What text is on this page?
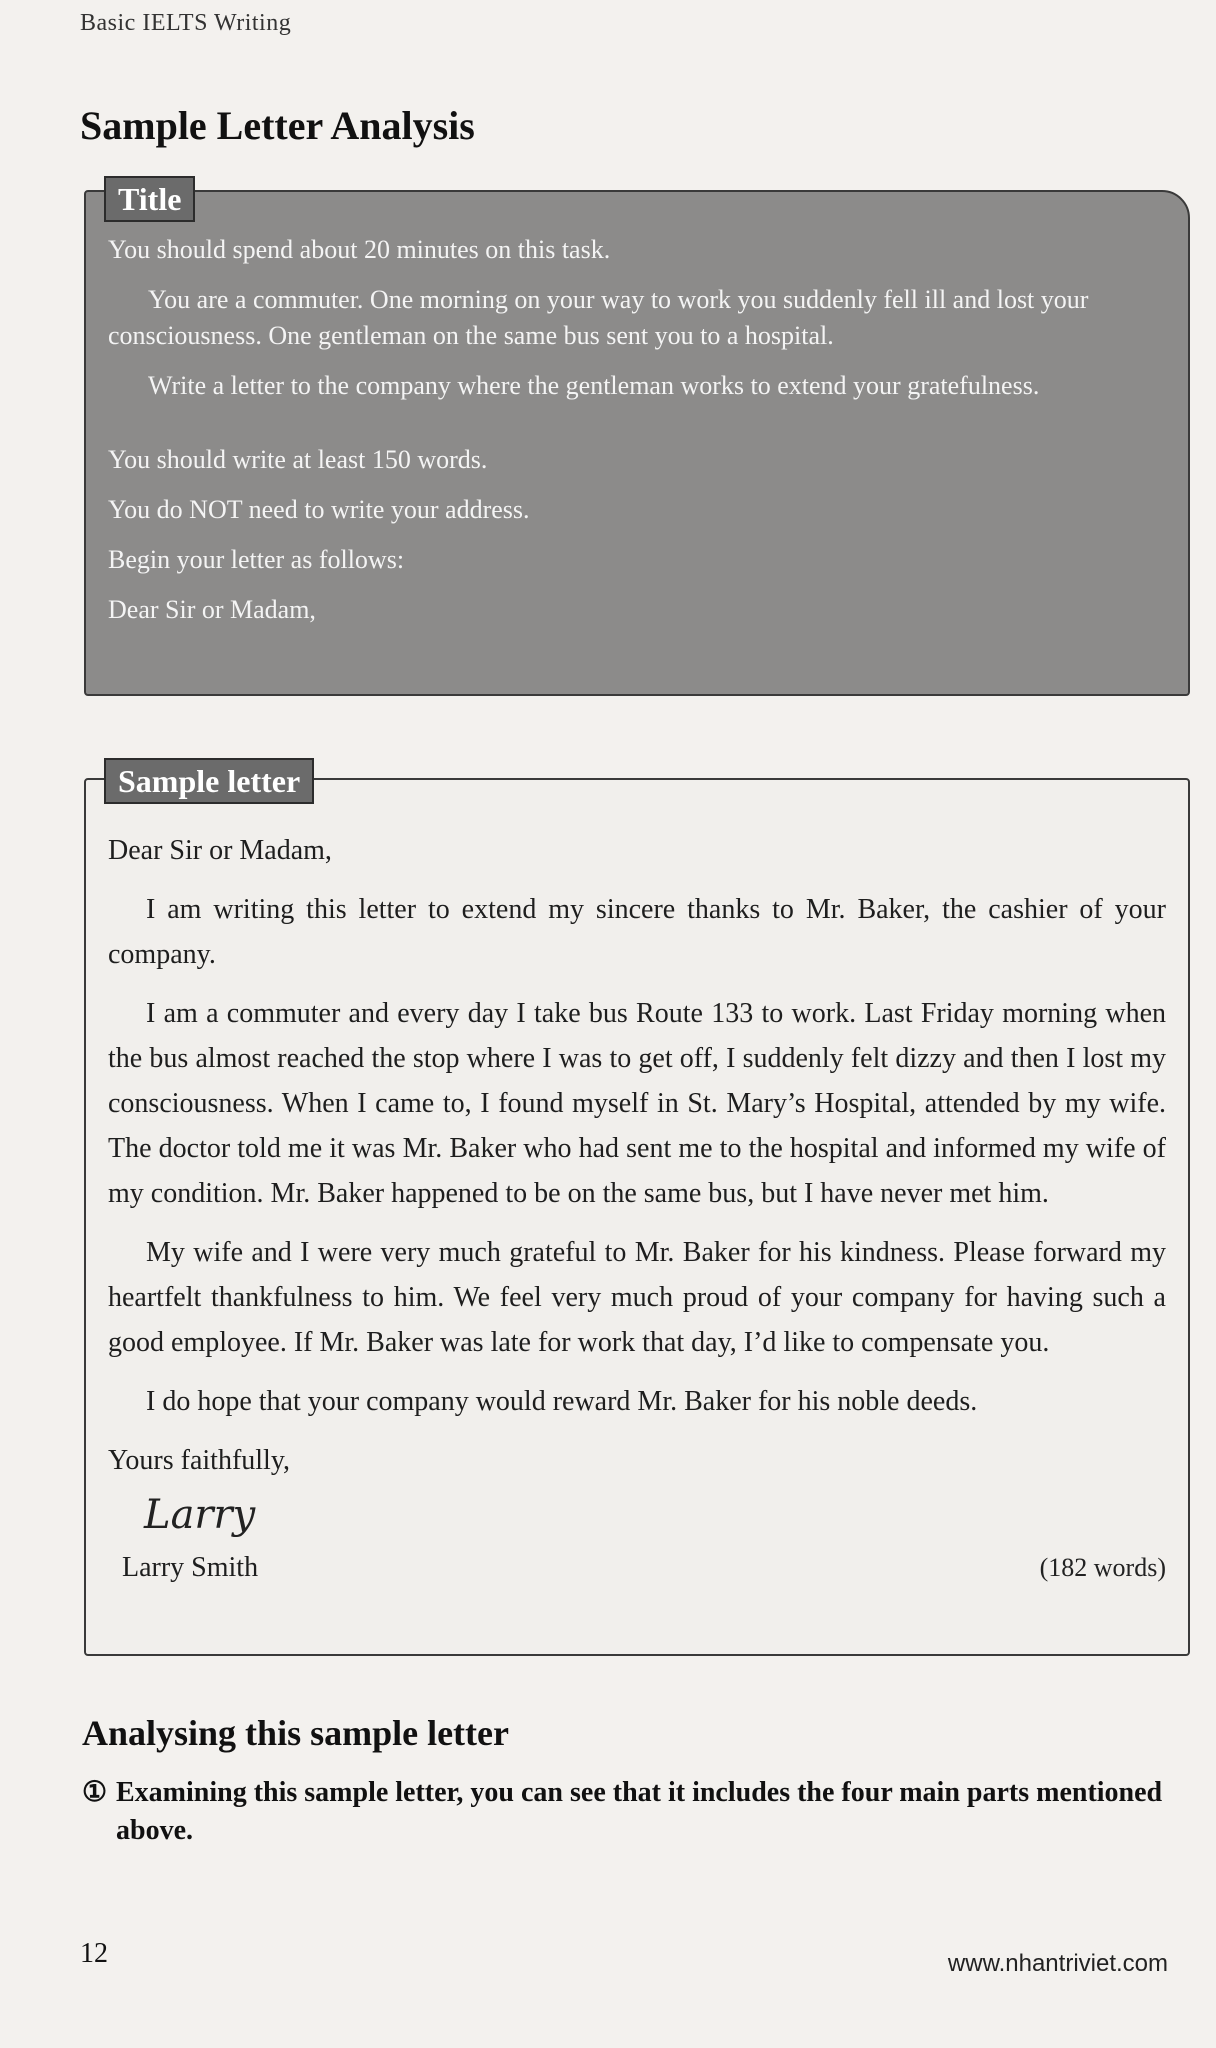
Basic IELTS Writing
Sample Letter Analysis
Title

You should spend about 20 minutes on this task.

You are a commuter. One morning on your way to work you suddenly fell ill and lost your consciousness. One gentleman on the same bus sent you to a hospital.

Write a letter to the company where the gentleman works to extend your gratefulness.

You should write at least 150 words.

You do NOT need to write your address.

Begin your letter as follows:

Dear Sir or Madam,

Sample letter

Dear Sir or Madam,

I am writing this letter to extend my sincere thanks to Mr. Baker, the cashier of your company.

I am a commuter and every day I take bus Route 133 to work. Last Friday morning when the bus almost reached the stop where I was to get off, I suddenly felt dizzy and then I lost my consciousness. When I came to, I found myself in St. Mary’s Hospital, attended by my wife. The doctor told me it was Mr. Baker who had sent me to the hospital and informed my wife of my condition. Mr. Baker happened to be on the same bus, but I have never met him.

My wife and I were very much grateful to Mr. Baker for his kindness. Please forward my heartfelt thankfulness to him. We feel very much proud of your company for having such a good employee. If Mr. Baker was late for work that day, I’d like to compensate you.

I do hope that your company would reward Mr. Baker for his noble deeds.

Yours faithfully,

Larry
Larry Smith	(182 words)
Analysing this sample letter
① Examining this sample letter, you can see that it includes the four main parts mentioned above.
12	www.nhantriviet.com
